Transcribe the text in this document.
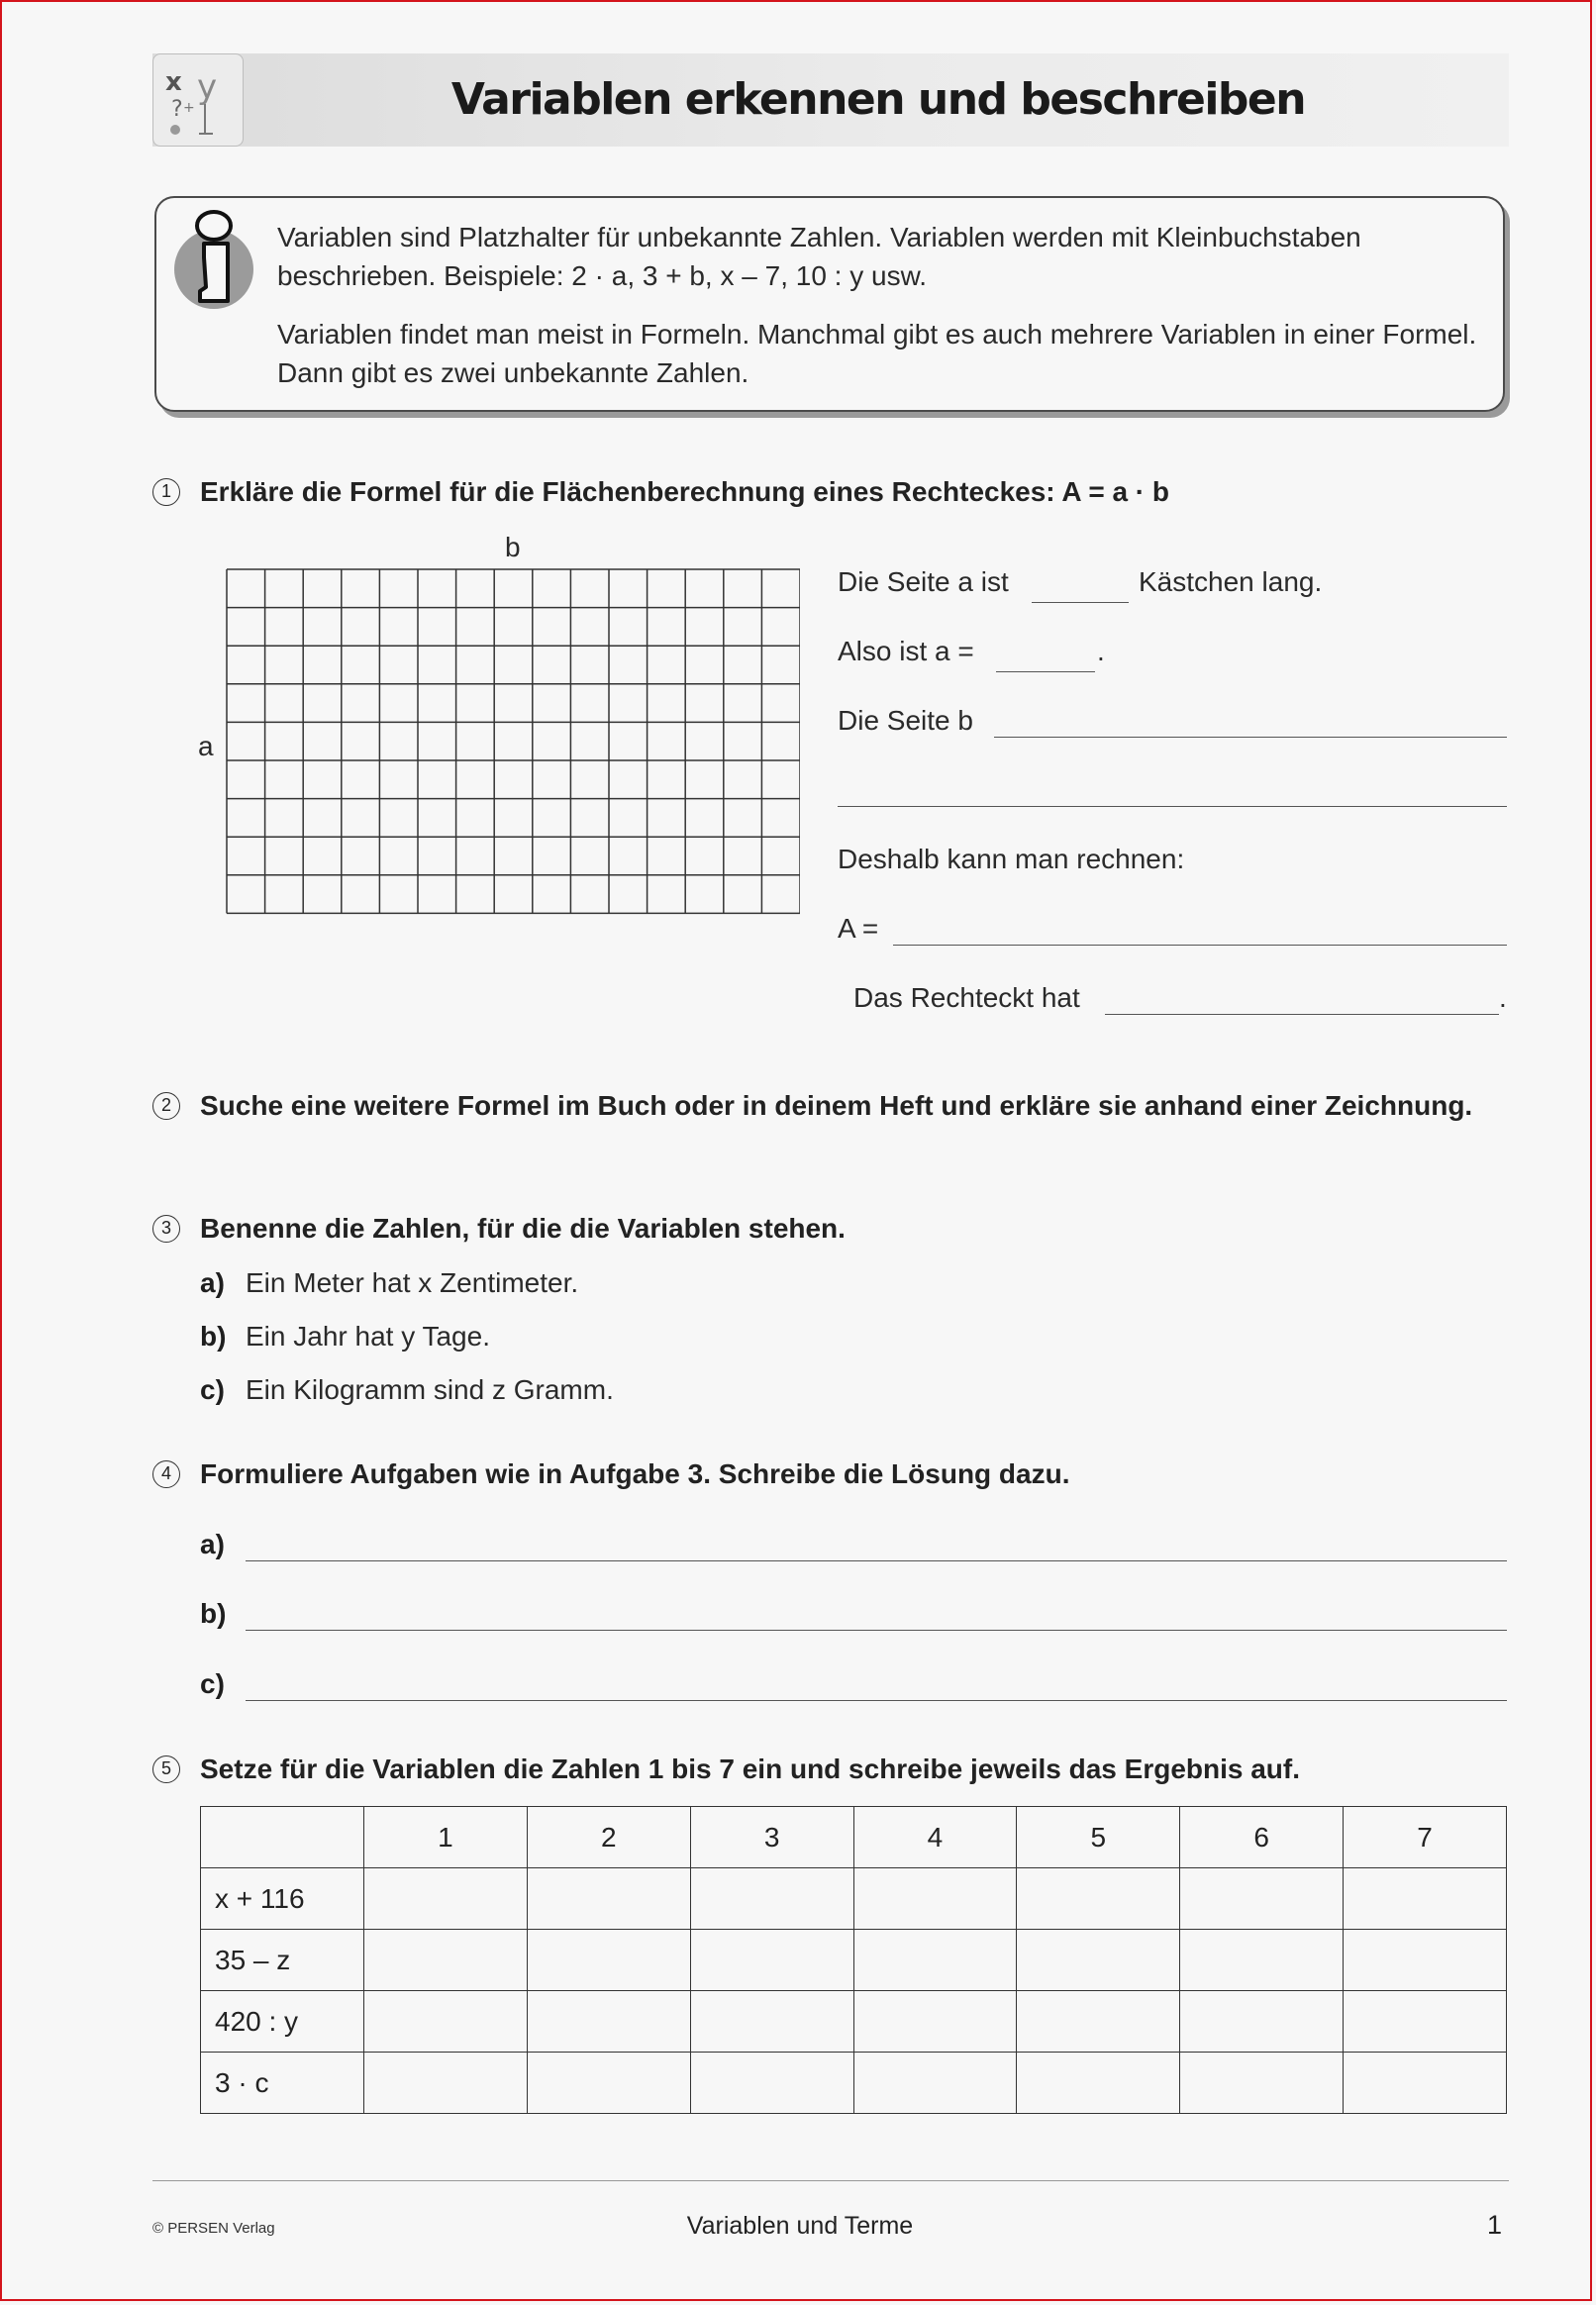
x y
? +	Variablen erkennen und beschreiben
Variablen sind Platzhalter für unbekannte Zahlen. Variablen werden mit Kleinbuchstaben beschrieben. Beispiele: 2 · a, 3 + b, x – 7, 10 : y usw.
Variablen findet man meist in Formeln. Manchmal gibt es auch mehrere Variablen in einer Formel. Dann gibt es zwei unbekannte Zahlen.
1	Erkläre die Formel für die Flächenberechnung eines Rechteckes: A = a · b
b
a
Die Seite a ist	Kästchen lang.
Also ist a =	.
Die Seite b
Deshalb kann man rechnen:
A =
Das Rechteckt hat	.
2	Suche eine weitere Formel im Buch oder in deinem Heft und erkläre sie anhand einer Zeichnung.
3	Benenne die Zahlen, für die die Variablen stehen.
a) Ein Meter hat x Zentimeter.
b) Ein Jahr hat y Tage.
c) Ein Kilogramm sind z Gramm.
4	Formuliere Aufgaben wie in Aufgabe 3. Schreibe die Lösung dazu.
a)
b)
c)
5	Setze für die Variablen die Zahlen 1 bis 7 ein und schreibe jeweils das Ergebnis auf.
	1	2	3	4	5	6	7
x + 116							
35 – z							
420 : y							
3 · c							
© PERSEN Verlag	Variablen und Terme	1
